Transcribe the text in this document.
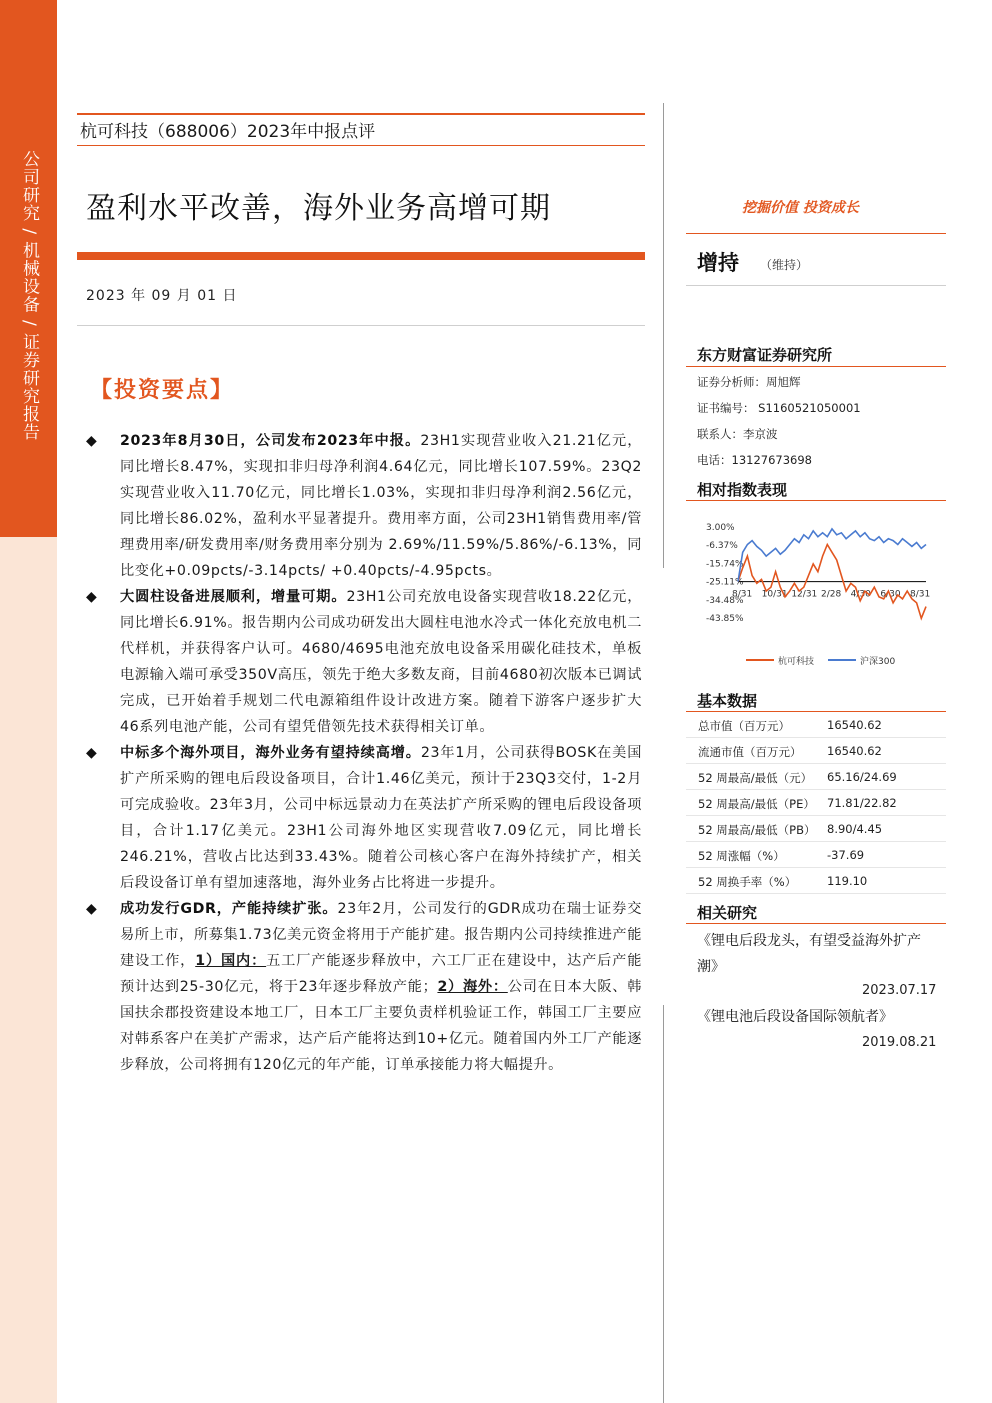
公司研究 / 机械设备 / 证券研究报告
杭可科技（688006）2023年中报点评
盈利水平改善，海外业务高增可期
2023 年 09 月 01 日
【投资要点】

◆ 2023年8月30日，公司发布2023年中报。23H1实现营业收入21.21亿元，同比增长8.47%，实现扣非归母净利润4.64亿元，同比增长107.59%。23Q2实现营业收入11.70亿元，同比增长1.03%，实现扣非归母净利润2.56亿元，同比增长86.02%，盈利水平显著提升。费用率方面，公司23H1销售费用率/管理费用率/研发费用率/财务费用率分别为 2.69%/11.59%/5.86%/-6.13%，同比变化+0.09pcts/-3.14pcts/ +0.40pcts/-4.95pcts。

◆ 大圆柱设备进展顺利，增量可期。23H1公司充放电设备实现营收18.22亿元，同比增长6.91%。报告期内公司成功研发出大圆柱电池水冷式一体化充放电机二代样机，并获得客户认可。4680/4695电池充放电设备采用碳化硅技术，单板电源输入端可承受350V高压，领先于绝大多数友商，目前4680初次版本已调试完成，已开始着手规划二代电源箱组件设计改进方案。随着下游客户逐步扩大46系列电池产能，公司有望凭借领先技术获得相关订单。

◆ 中标多个海外项目，海外业务有望持续高增。23年1月，公司获得BOSK在美国扩产所采购的锂电后段设备项目，合计1.46亿美元，预计于23Q3交付，1-2月可完成验收。23年3月，公司中标远景动力在英法扩产所采购的锂电后段设备项目，合计1.17亿美元。23H1公司海外地区实现营收7.09亿元，同比增长246.21%，营收占比达到33.43%。随着公司核心客户在海外持续扩产，相关后段设备订单有望加速落地，海外业务占比将进一步提升。

◆ 成功发行GDR，产能持续扩张。23年2月，公司发行的GDR成功在瑞士证券交易所上市，所募集1.73亿美元资金将用于产能扩建。报告期内公司持续推进产能建设工作，1）国内：五工厂产能逐步释放中，六工厂正在建设中，达产后产能预计达到25-30亿元，将于23年逐步释放产能；2）海外：公司在日本大阪、韩国扶余郡投资建设本地工厂，日本工厂主要负责样机验证工作，韩国工厂主要应对韩系客户在美扩产需求，达产后产能将达到10+亿元。随着国内外工厂产能逐步释放，公司将拥有120亿元的年产能，订单承接能力将大幅提升。

挖掘价值 投资成长
增持 （维持）
东方财富证券研究所
证券分析师：周旭辉
证书编号： S1160521050001
联系人：李京波
电话：13127673698
相对指数表现
3.00%
-6.37%
-15.74%
-25.11%
-34.48%
-43.85%
8/31 10/31 12/31 2/28 4/30 6/30 8/31
杭可科技	沪深300
基本数据
总市值（百万元）	16540.62
流通市值（百万元） 16540.62
52 周最高/最低（元） 65.16/24.69
52 周最高/最低（PE） 71.81/22.82
52 周最高/最低（PB） 8.90/4.45
52 周涨幅（%）	-37.69
52 周换手率（%）	119.10
相关研究
《锂电后段龙头，有望受益海外扩产
潮》
2023.07.17
《锂电池后段设备国际领航者》
2019.08.21
